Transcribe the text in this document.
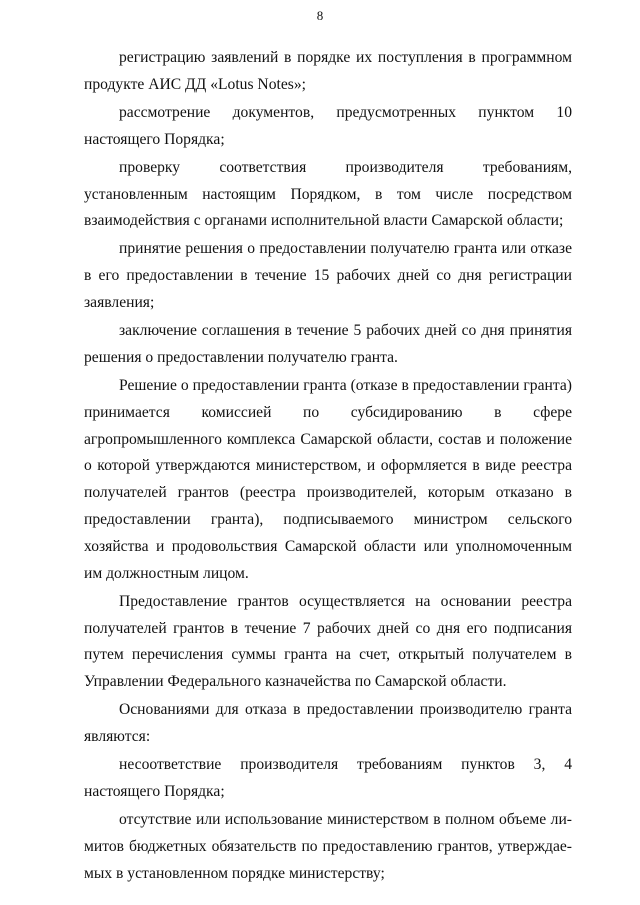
8

регистрацию заявлений в порядке их поступления в программном продукте АИС ДД «Lotus Notes»;

рассмотрение документов, предусмотренных пунктом 10 настоящего Порядка;

проверку соответствия производителя требованиям, установленным настоящим Порядком, в том числе посредством взаимодействия с органами исполнительной власти Самарской области;

принятие решения о предоставлении получателю гранта или отказе в его предоставлении в течение 15 рабочих дней со дня регистрации заявления;

заключение соглашения в течение 5 рабочих дней со дня принятия решения о предоставлении получателю гранта.

Решение о предоставлении гранта (отказе в предоставлении гранта) принимается комиссией по субсидированию в сфере агропромышленного комплекса Самарской области, состав и положение о которой утверждаются министерством, и оформляется в виде реестра получателей грантов (реестра производителей, которым отказано в предоставлении гранта), подписываемого министром сельского хозяйства и продовольствия Самарской области или уполномоченным им должностным лицом.

Предоставление грантов осуществляется на основании реестра получателей грантов в течение 7 рабочих дней со дня его подписания путем перечисления суммы гранта на счет, открытый получателем в Управлении Федерального казначейства по Самарской области.

Основаниями для отказа в предоставлении производителю гранта являются:

несоответствие производителя требованиям пунктов 3, 4 настоящего Порядка;

отсутствие или использование министерством в полном объеме лимитов бюджетных обязательств по предоставлению грантов, утверждаемых в установленном порядке министерству;
